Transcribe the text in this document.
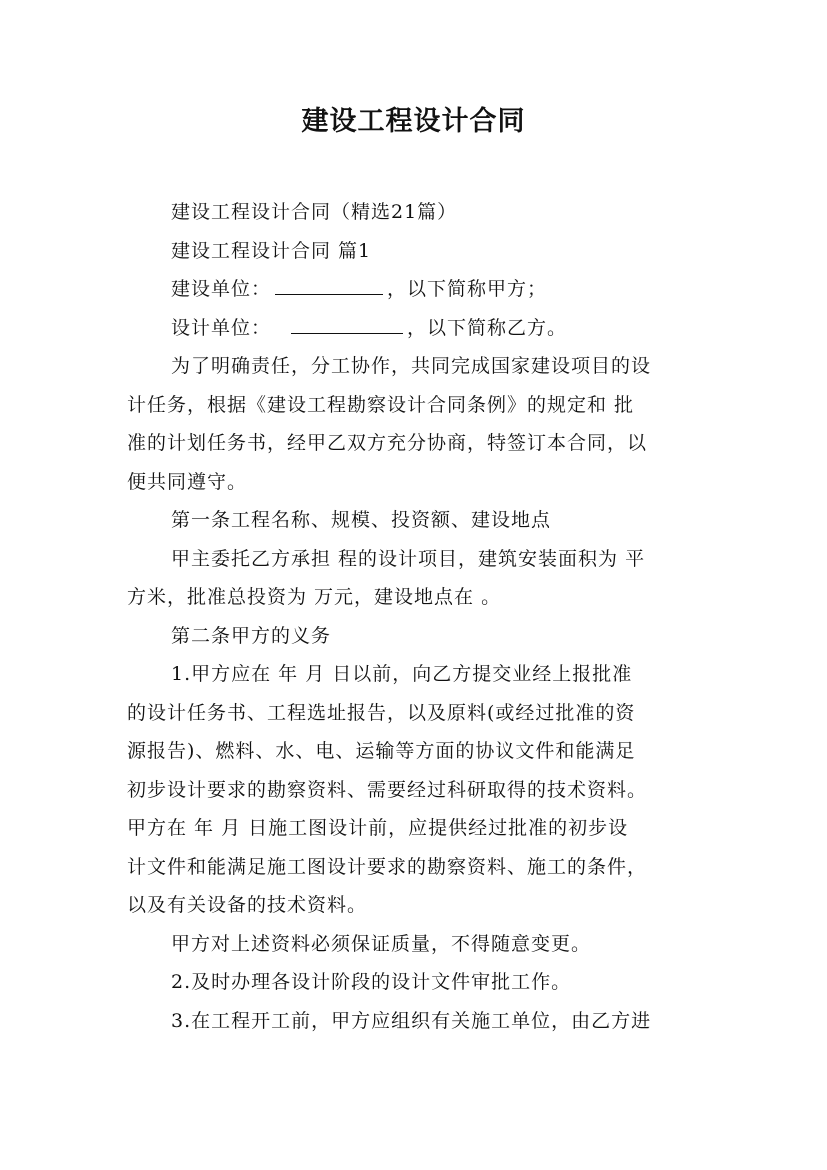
建设工程设计合同
建设工程设计合同（精选21篇）
建设工程设计合同 篇1
建设单位：	，以下简称甲方；
设计单位：	，以下简称乙方。
为了明确责任，分工协作，共同完成国家建设项目的设
计任务，根据《建设工程勘察设计合同条例》的规定和 批
准的计划任务书，经甲乙双方充分协商，特签订本合同，以
便共同遵守。
第一条工程名称、规模、投资额、建设地点
甲主委托乙方承担 程的设计项目，建筑安装面积为 平
方米，批准总投资为 万元，建设地点在 。
第二条甲方的义务
1.甲方应在 年 月 日以前，向乙方提交业经上报批准
的设计任务书、工程选址报告，以及原料(或经过批准的资
源报告)、燃料、水、电、运输等方面的协议文件和能满足
初步设计要求的勘察资料、需要经过科研取得的技术资料。
甲方在 年 月 日施工图设计前，应提供经过批准的初步设
计文件和能满足施工图设计要求的勘察资料、施工的条件，
以及有关设备的技术资料。
甲方对上述资料必须保证质量，不得随意变更。
2.及时办理各设计阶段的设计文件审批工作。
3.在工程开工前，甲方应组织有关施工单位，由乙方进
